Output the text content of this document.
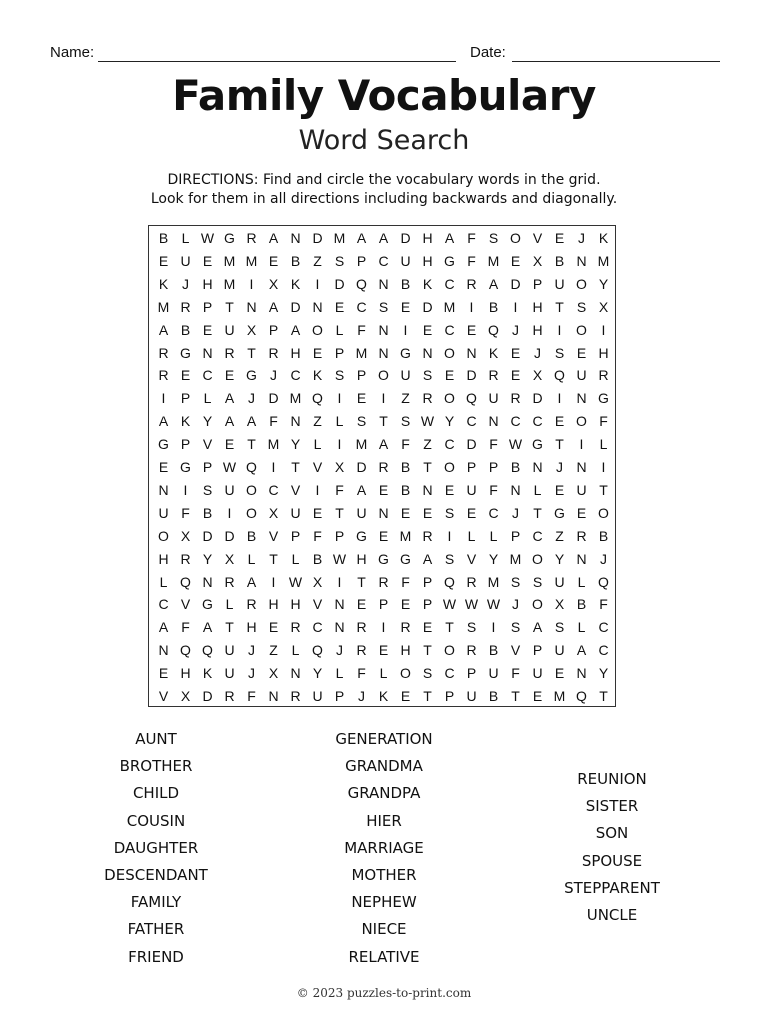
Name:	Date:
Family Vocabulary
Word Search
DIRECTIONS: Find and circle the vocabulary words in the grid.
Look for them in all directions including backwards and diagonally.
B L W G R A N D M A A D H A F S O V E J K
E U E M M E B Z S P C U H G F M E X B N M
K J H M	I	X K	I	D Q N B K C R A D P U O Y
M R P T N A D N E C S E D M	I	B	I	H T S X
A B E U X P A O L F N	I	E C E Q J H	I	O	I
R G N R T R H E P M N G N O N K E J S E H
R E C E G J C K S P O U S E D R E X Q U R
I	P L A J D M Q	I	E	I	Z R O Q U R D	I	N G
A K Y A A F N Z L S T S W Y C N C C E O F
G P V E T M Y L	I	M A F Z C D F W G T	I	L
E G P W Q	I	T V X D R B T O P P B N J N	I
N	I	S U O C V	I	F A E B N E U F N L E U T
U F B	I	O X U E T U N E E S E C J	T G E O
O X D D B V P F P G E M R	I	L	L P C Z R B
H R Y X L T L B W H G G A S V Y M O Y N J
L Q N R A	I W X	I	T R F P Q R M S S U L Q
C V G L R H H V N E P E P W W W J O X B F
A F A T H E R C N R	I	R E T S	I	S A S L C
N Q Q U J	Z L Q J R E H T O R B V P U A C
E H K U J X N Y L F L O S C P U F U E N Y
V X D R F N R U P J K E T P U B T E M Q T
AUNT
BROTHER
CHILD
COUSIN
DAUGHTER
DESCENDANT
FAMILY
FATHER
FRIEND
GENERATION
GRANDMA
GRANDPA
HIER
MARRIAGE
MOTHER
NEPHEW
NIECE
RELATIVE
REUNION
SISTER
SON
SPOUSE
STEPPARENT
UNCLE
© 2023 puzzles-to-print.com
